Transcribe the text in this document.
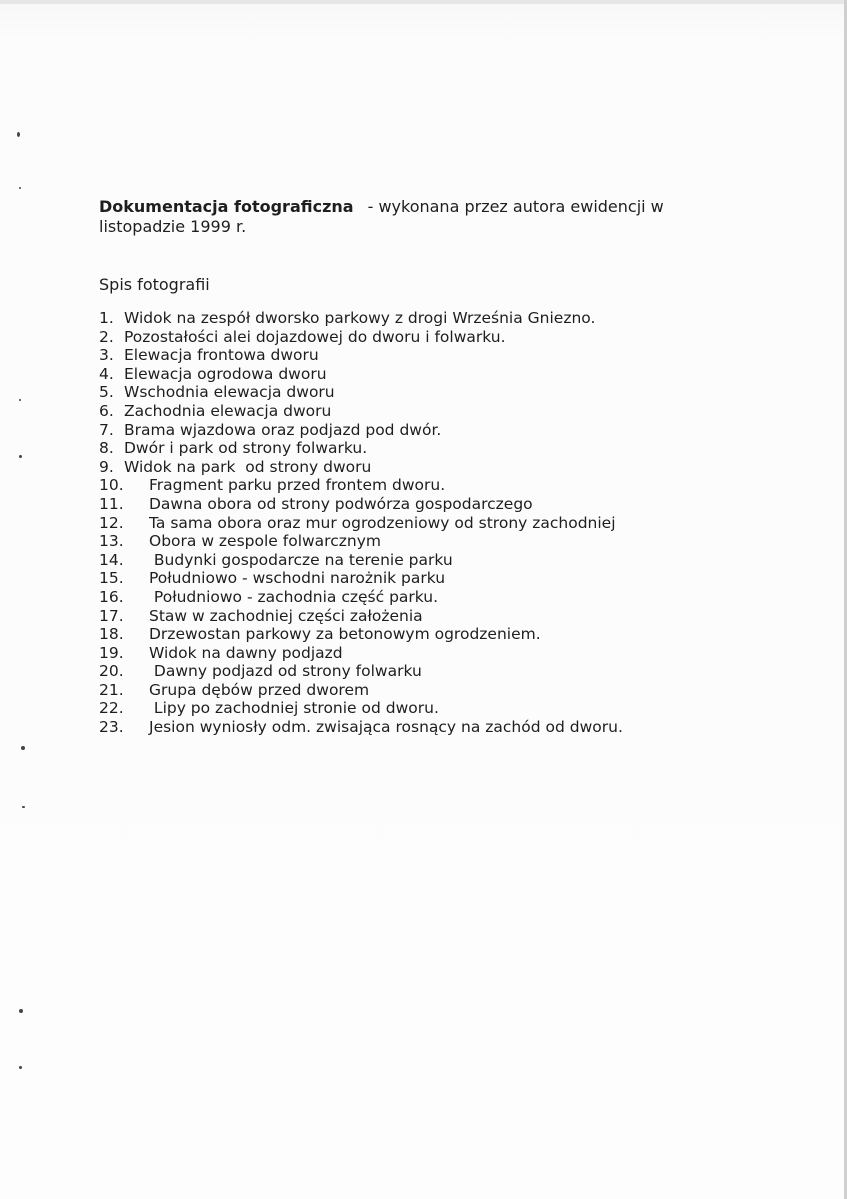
Dokumentacja fotograficzna - wykonana przez autora ewidencji w
listopadzie 1999 r.
Spis fotografii
1. Widok na zespół dworsko parkowy z drogi Września Gniezno.
2. Pozostałości alei dojazdowej do dworu i folwarku.
3. Elewacja frontowa dworu
4. Elewacja ogrodowa dworu
5. Wschodnia elewacja dworu
6. Zachodnia elewacja dworu
7. Brama wjazdowa oraz podjazd pod dwór.
8. Dwór i park od strony folwarku.
9. Widok na park  od strony dworu
10.	Fragment parku przed frontem dworu.
11.	Dawna obora od strony podwórza gospodarczego
12.	Ta sama obora oraz mur ogrodzeniowy od strony zachodniej
13.	Obora w zespole folwarcznym
14.	Budynki gospodarcze na terenie parku
15.	Południowo - wschodni narożnik parku
16.	Południowo - zachodnia część parku.
17.	Staw w zachodniej części założenia
18.	Drzewostan parkowy za betonowym ogrodzeniem.
19.	Widok na dawny podjazd
20.	Dawny podjazd od strony folwarku
21.	Grupa dębów przed dworem
22.	Lipy po zachodniej stronie od dworu.
23.	Jesion wyniosły odm. zwisająca rosnący na zachód od dworu.
